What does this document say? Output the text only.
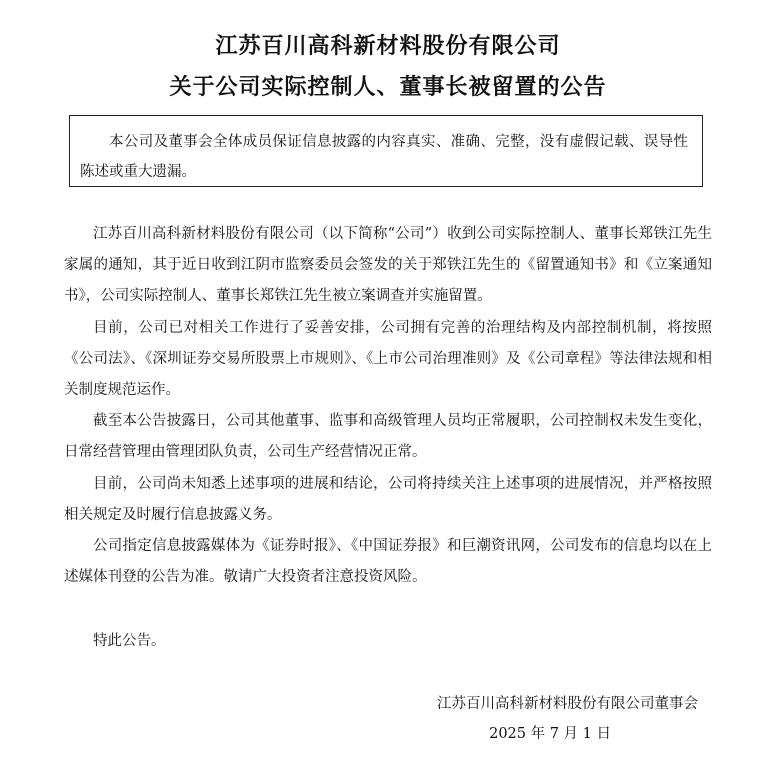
江苏百川高科新材料股份有限公司
关于公司实际控制人、董事长被留置的公告
本公司及董事会全体成员保证信息披露的内容真实、准确、完整，没有虚假记载、误导性陈述或重大遗漏。

江苏百川高科新材料股份有限公司（以下简称“公司”）收到公司实际控制人、董事长郑铁江先生家属的通知，其于近日收到江阴市监察委员会签发的关于郑铁江先生的《留置通知书》和《立案通知书》，公司实际控制人、董事长郑铁江先生被立案调查并实施留置。

目前，公司已对相关工作进行了妥善安排，公司拥有完善的治理结构及内部控制机制，将按照《公司法》、《深圳证券交易所股票上市规则》、《上市公司治理准则》及《公司章程》等法律法规和相关制度规范运作。

截至本公告披露日，公司其他董事、监事和高级管理人员均正常履职，公司控制权未发生变化，日常经营管理由管理团队负责，公司生产经营情况正常。

目前，公司尚未知悉上述事项的进展和结论，公司将持续关注上述事项的进展情况，并严格按照相关规定及时履行信息披露义务。

公司指定信息披露媒体为《证券时报》、《中国证券报》和巨潮资讯网，公司发布的信息均以在上述媒体刊登的公告为准。敬请广大投资者注意投资风险。

特此公告。

江苏百川高科新材料股份有限公司董事会

2025 年 7 月 1 日
